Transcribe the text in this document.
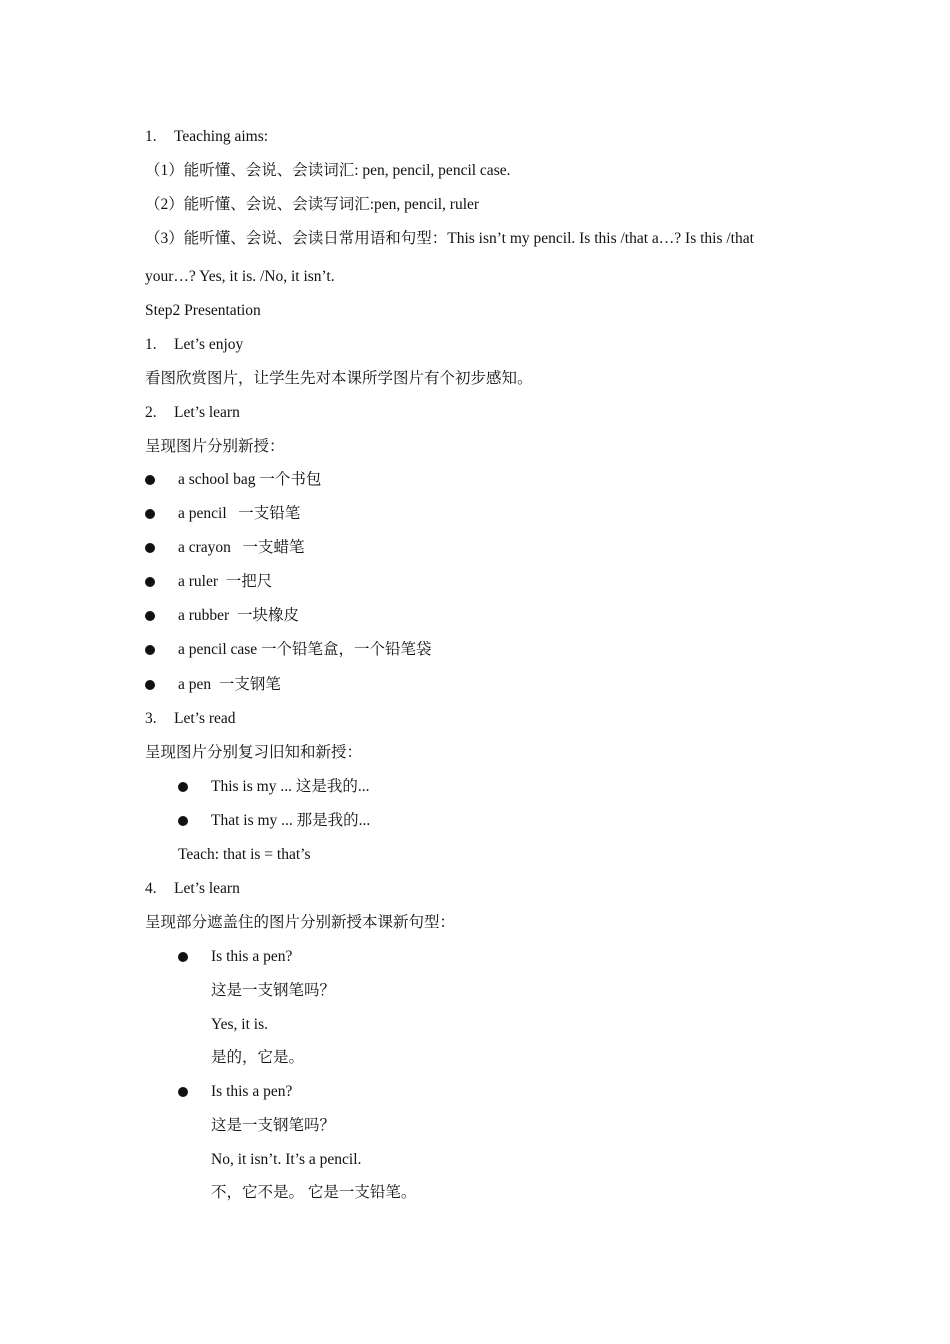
1. Teaching aims:
（1）能听懂、会说、会读词汇: pen, pencil, pencil case.
（2）能听懂、会说、会读写词汇:pen, pencil, ruler
（3）能听懂、会说、会读日常用语和句型：This isn’t my pencil. Is this /that a…? Is this /that
your…? Yes, it is. /No, it isn’t.
Step2 Presentation
1. Let’s enjoy
看图欣赏图片，让学生先对本课所学图片有个初步感知。
2. Let’s learn
呈现图片分别新授：
a school bag 一个书包
a pencil   一支铅笔
a crayon   一支蜡笔
a ruler  一把尺
a rubber  一块橡皮
a pencil case 一个铅笔盒，一个铅笔袋
a pen  一支钢笔
3. Let’s read
呈现图片分别复习旧知和新授：
This is my ... 这是我的...
That is my ... 那是我的...
Teach: that is = that’s
4. Let’s learn
呈现部分遮盖住的图片分别新授本课新句型：
Is this a pen?
这是一支钢笔吗？
Yes, it is.
是的，它是。
Is this a pen?
这是一支钢笔吗？
No, it isn’t. It’s a pencil.
不，它不是。 它是一支铅笔。
